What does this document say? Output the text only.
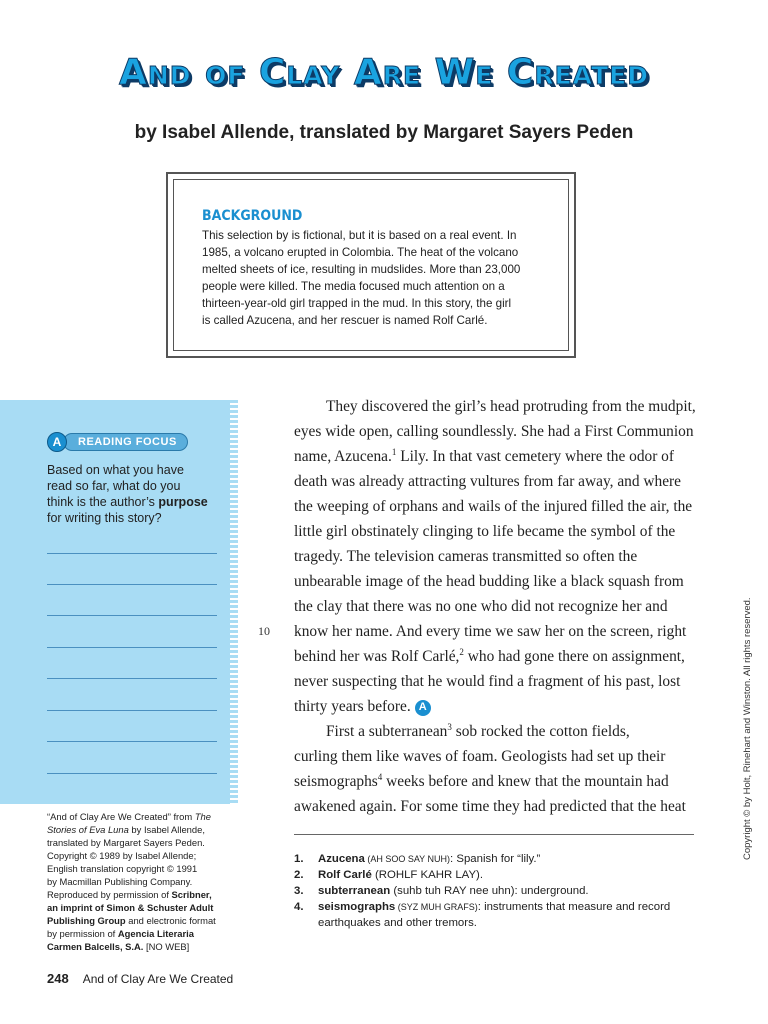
And of Clay Are We Created
by Isabel Allende, translated by Margaret Sayers Peden
BACKGROUND
This selection by is fictional, but it is based on a real event. In
1985, a volcano erupted in Colombia. The heat of the volcano
melted sheets of ice, resulting in mudslides. More than 23,000
people were killed. The media focused much attention on a
thirteen-year-old girl trapped in the mud. In this story, the girl
is called Azucena, and her rescuer is named Rolf Carlé.
A	READING FOCUS
Based on what you have
read so far, what do you
think is the author’s purpose
for writing this story?
“And of Clay Are We Created” from The
Stories of Eva Luna by Isabel Allende,
translated by Margaret Sayers Peden.
Copyright © 1989 by Isabel Allende;
English translation copyright © 1991
by Macmillan Publishing Company.
Reproduced by permission of Scribner,
an imprint of Simon & Schuster Adult
Publishing Group and electronic format
by permission of Agencia Literaria
Carmen Balcells, S.A. [NO WEB]
248 And of Clay Are We Created
10
They discovered the girl’s head protruding from the mudpit,
eyes wide open, calling soundlessly. She had a First Communion
name, Azucena.$^1$ Lily. In that vast cemetery where the odor of
death was already attracting vultures from far away, and where
the weeping of orphans and wails of the injured filled the air, the
little girl obstinately clinging to life became the symbol of the
tragedy. The television cameras transmitted so often the
unbearable image of the head budding like a black squash from
the clay that there was no one who did not recognize her and
know her name. And every time we saw her on the screen, right
behind her was Rolf Carlé,$^2$ who had gone there on assignment,
never suspecting that he would find a fragment of his past, lost
thirty years before. A
First a subterranean$^3$ sob rocked the cotton fields,
curling them like waves of foam. Geologists had set up their
seismographs$^4$ weeks before and knew that the mountain had
awakened again. For some time they had predicted that the heat
1.	Azucena (AH SOO SAY NUH): Spanish for “lily.”
2.	Rolf Carlé (ROHLF KAHR LAY).
3.	subterranean (suhb tuh RAY nee uhn): underground.
4.	seismographs (SYZ MUH GRAFS): instruments that measure and record
earthquakes and other tremors.
Copyright © by Holt, Rinehart and Winston. All rights reserved.
